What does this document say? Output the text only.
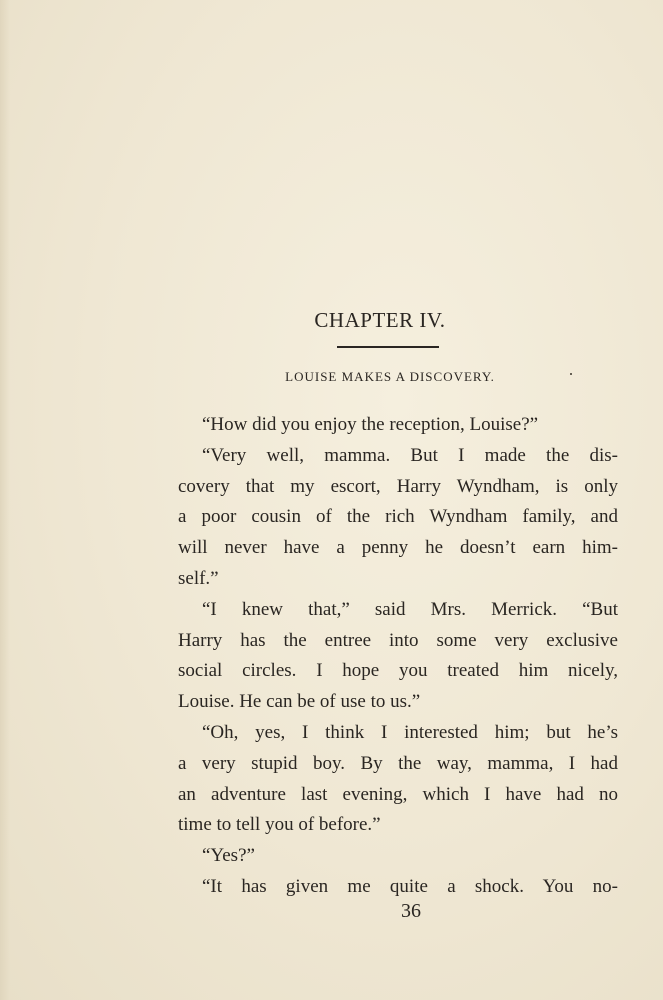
CHAPTER IV.
LOUISE MAKES A DISCOVERY.
“How did you enjoy the reception, Louise?”
“Very well, mamma. But I made the dis-
covery that my escort, Harry Wyndham, is only
a poor cousin of the rich Wyndham family, and
will never have a penny he doesn’t earn him-
self.”
“I knew that,” said Mrs. Merrick. “But
Harry has the entree into some very exclusive
social circles. I hope you treated him nicely,
Louise. He can be of use to us.”
“Oh, yes, I think I interested him; but he’s
a very stupid boy. By the way, mamma, I had
an adventure last evening, which I have had no
time to tell you of before.”
“Yes?”
“It has given me quite a shock. You no-
36
